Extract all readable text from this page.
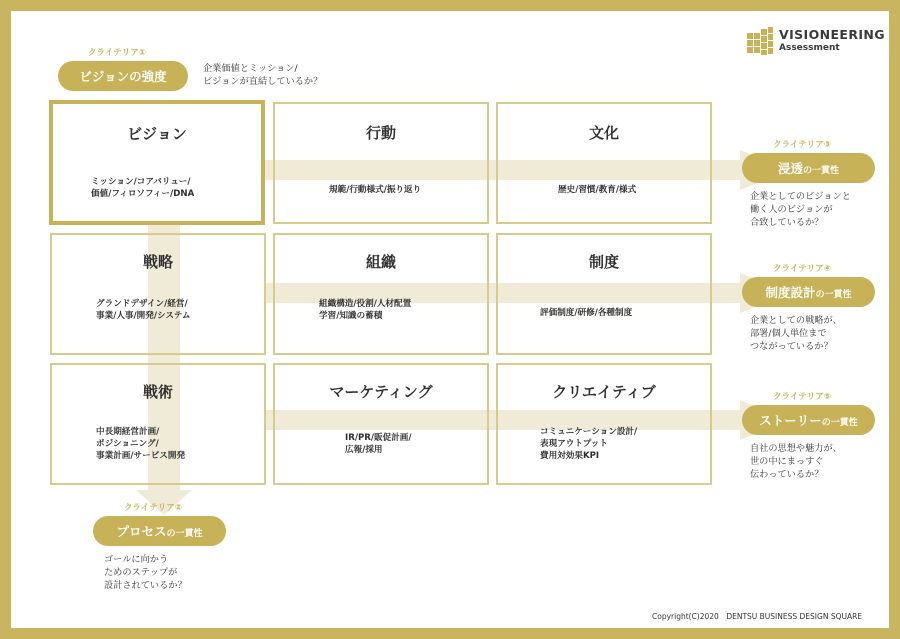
VISIONEERING
Assessment
クライテリア①
ビジョンの強度
企業価値とミッション/
ビジョンが直結しているか？
ビジョン
ミッション/コアバリュー/
価値/フィロソフィー/DNA
行動
規範/行動様式/振り返り
文化
歴史/習慣/教育/様式
戦略
グランドデザイン/経営/
事業/人事/開発/システム
組織
組織構造/役割/人材配置
学習/知識の蓄積
制度
評価制度/研修/各種制度
戦術
中長期経営計画/
ポジショニング/
事業計画/サービス開発
マーケティング
IR/PR/販促計画/
広報/採用
クリエイティブ
コミュニケーション設計/
表現アウトプット
費用対効果KPI
クライテリア②
プロセスの一貫性
ゴールに向かう
ためのステップが
設計されているか？
クライテリア③
浸透の一貫性
企業としてのビジョンと
働く人のビジョンが
合致しているか？
クライテリア④
制度設計の一貫性
企業としての戦略が、
部署/個人単位まで
つながっているか？
クライテリア⑤
ストーリーの一貫性
自社の思想や魅力が、
世の中にまっすぐ
伝わっているか？
Copyright(C)2020　DENTSU BUSINESS DESIGN SQUARE
